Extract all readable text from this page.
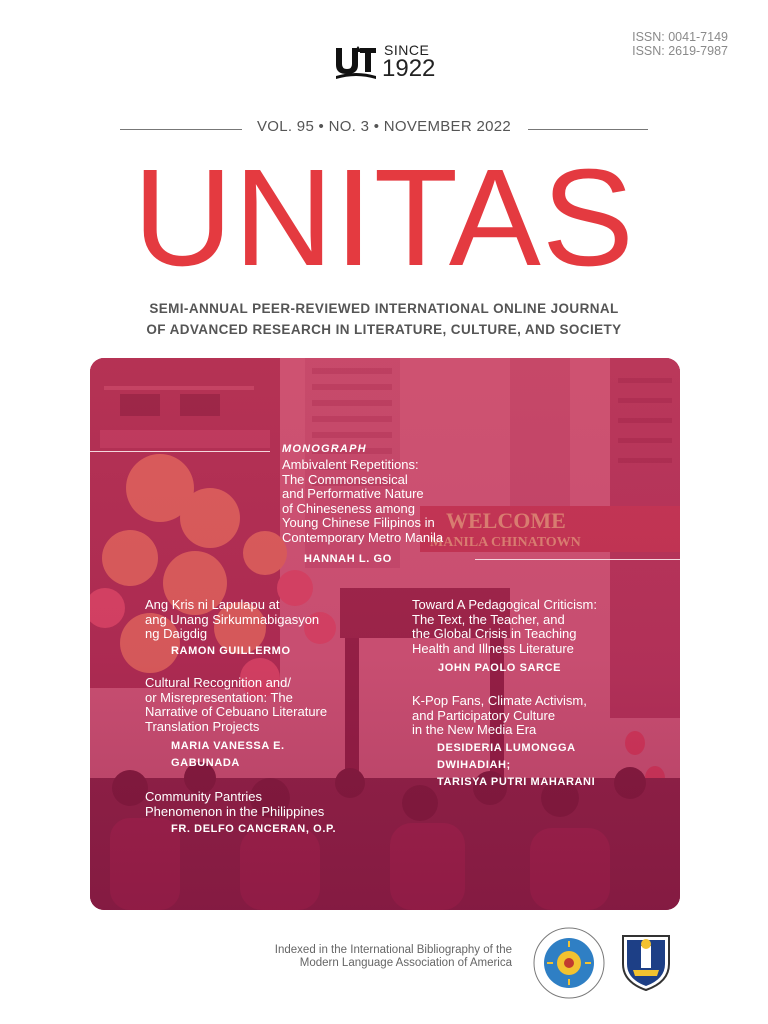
ISSN: 0041-7149
ISSN: 2619-7987
SINCE
1922
VOL. 95 • NO. 3 • NOVEMBER 2022
UNITAS
SEMI-ANNUAL PEER-REVIEWED INTERNATIONAL ONLINE JOURNAL
OF ADVANCED RESEARCH IN LITERATURE, CULTURE, AND SOCIETY
MONOGRAPH
Ambivalent Repetitions:
The Commonsensical
and Performative Nature
of Chineseness among
Young Chinese Filipinos in
Contemporary Metro Manila
HANNAH L. GO
Ang Kris ni Lapulapu at
ang Unang Sirkumnabigasyon
ng Daigdig
RAMON GUILLERMO
Cultural Recognition and/
or Misrepresentation: The
Narrative of Cebuano Literature
Translation Projects
MARIA VANESSA E.
GABUNADA
Community Pantries
Phenomenon in the Philippines
FR. DELFO CANCERAN, O.P.
Toward A Pedagogical Criticism:
The Text, the Teacher, and
the Global Crisis in Teaching
Health and Illness Literature
JOHN PAOLO SARCE
K-Pop Fans, Climate Activism,
and Participatory Culture
in the New Media Era
DESIDERIA LUMONGGA
DWIHADIAH;
TARISYA PUTRI MAHARANI
Indexed in the International Bibliography of the
Modern Language Association of America
